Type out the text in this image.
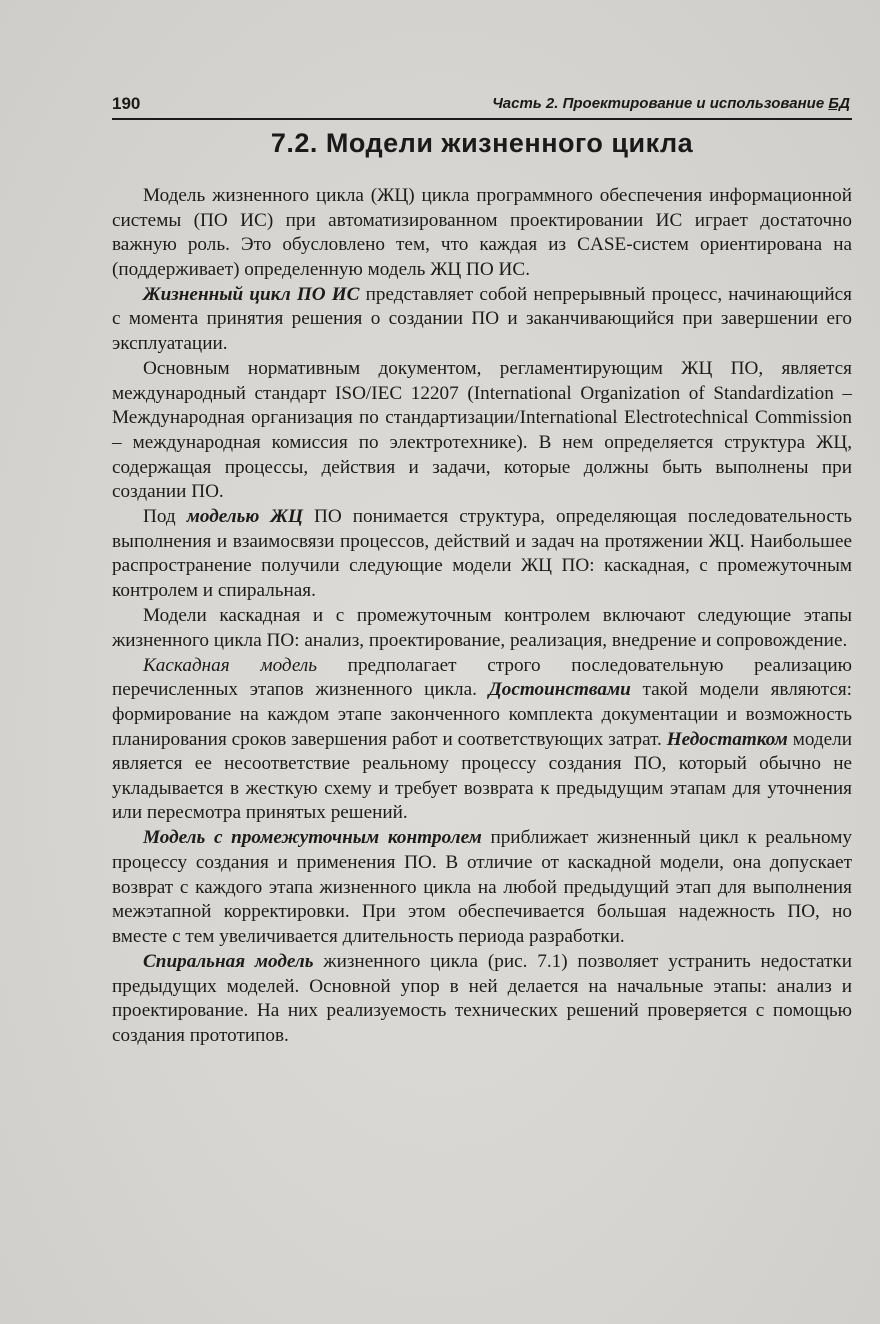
190	Часть 2. Проектирование и использование БД
7.2. Модели жизненного цикла

Модель жизненного цикла (ЖЦ) цикла программного обеспечения информационной системы (ПО ИС) при автоматизированном проектировании ИС играет достаточно важную роль. Это обусловлено тем, что каждая из CASE-систем ориентирована на (поддерживает) определенную модель ЖЦ ПО ИС.

Жизненный цикл ПО ИС представляет собой непрерывный процесс, начинающийся с момента принятия решения о создании ПО и заканчивающийся при завершении его эксплуатации.

Основным нормативным документом, регламентирующим ЖЦ ПО, является международный стандарт ISO/IEC 12207 (International Organization of Standardization – Международная организация по стандартизации/International Electrotechnical Commission – международная комиссия по электротехнике). В нем определяется структура ЖЦ, содержащая процессы, действия и задачи, которые должны быть выполнены при создании ПО.

Под моделью ЖЦ ПО понимается структура, определяющая последовательность выполнения и взаимосвязи процессов, действий и задач на протяжении ЖЦ. Наибольшее распространение получили следующие модели ЖЦ ПО: каскадная, с промежуточным контролем и спиральная.

Модели каскадная и с промежуточным контролем включают следующие этапы жизненного цикла ПО: анализ, проектирование, реализация, внедрение и сопровождение.

Каскадная модель предполагает строго последовательную реализацию перечисленных этапов жизненного цикла. Достоинствами такой модели являются: формирование на каждом этапе законченного комплекта документации и возможность планирования сроков завершения работ и соответствующих затрат. Недостатком модели является ее несоответствие реальному процессу создания ПО, который обычно не укладывается в жесткую схему и требует возврата к предыдущим этапам для уточнения или пересмотра принятых решений.

Модель с промежуточным контролем приближает жизненный цикл к реальному процессу создания и применения ПО. В отличие от каскадной модели, она допускает возврат с каждого этапа жизненного цикла на любой предыдущий этап для выполнения межэтапной корректировки. При этом обеспечивается большая надежность ПО, но вместе с тем увеличивается длительность периода разработки.

Спиральная модель жизненного цикла (рис. 7.1) позволяет устранить недостатки предыдущих моделей. Основной упор в ней делается на начальные этапы: анализ и проектирование. На них реализуемость технических решений проверяется с помощью создания прототипов.
